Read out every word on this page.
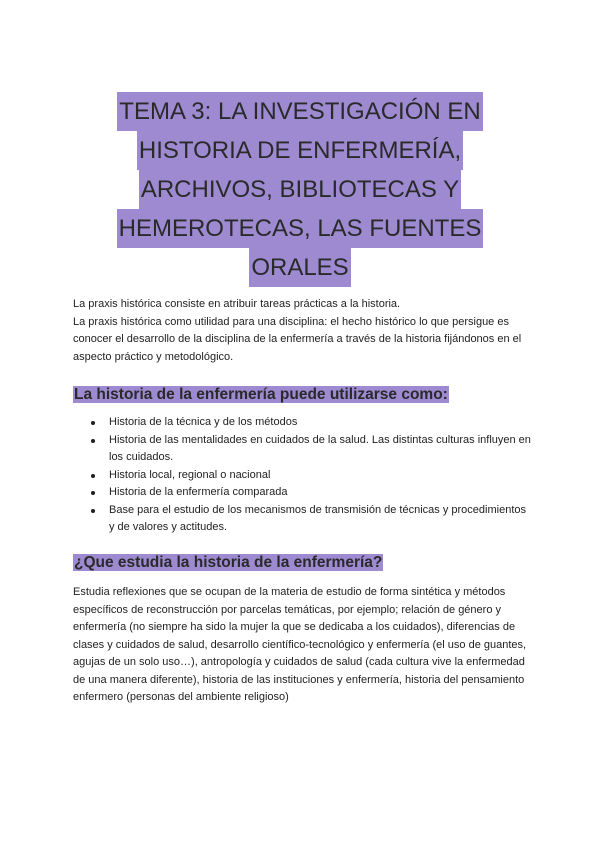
TEMA 3: LA INVESTIGACIÓN EN
HISTORIA DE ENFERMERÍA,
ARCHIVOS, BIBLIOTECAS Y
HEMEROTECAS, LAS FUENTES
ORALES

La praxis histórica consiste en atribuir tareas prácticas a la historia.
La praxis histórica como utilidad para una disciplina: el hecho histórico lo que persigue es conocer el desarrollo de la disciplina de la enfermería a través de la historia fijándonos en el aspecto práctico y metodológico.

La historia de la enfermería puede utilizarse como:
Historia de la técnica y de los métodos
Historia de las mentalidades en cuidados de la salud. Las distintas culturas influyen en los cuidados.
Historia local, regional o nacional
Historia de la enfermería comparada
Base para el estudio de los mecanismos de transmisión de técnicas y procedimientos y de valores y actitudes.
¿Que estudia la historia de la enfermería?

Estudia reflexiones que se ocupan de la materia de estudio de forma sintética y métodos específicos de reconstrucción por parcelas temáticas, por ejemplo; relación de género y enfermería (no siempre ha sido la mujer la que se dedicaba a los cuidados), diferencias de clases y cuidados de salud, desarrollo científico-tecnológico y enfermería (el uso de guantes, agujas de un solo uso…), antropología y cuidados de salud (cada cultura vive la enfermedad de una manera diferente), historia de las instituciones y enfermería, historia del pensamiento enfermero (personas del ambiente religioso)
